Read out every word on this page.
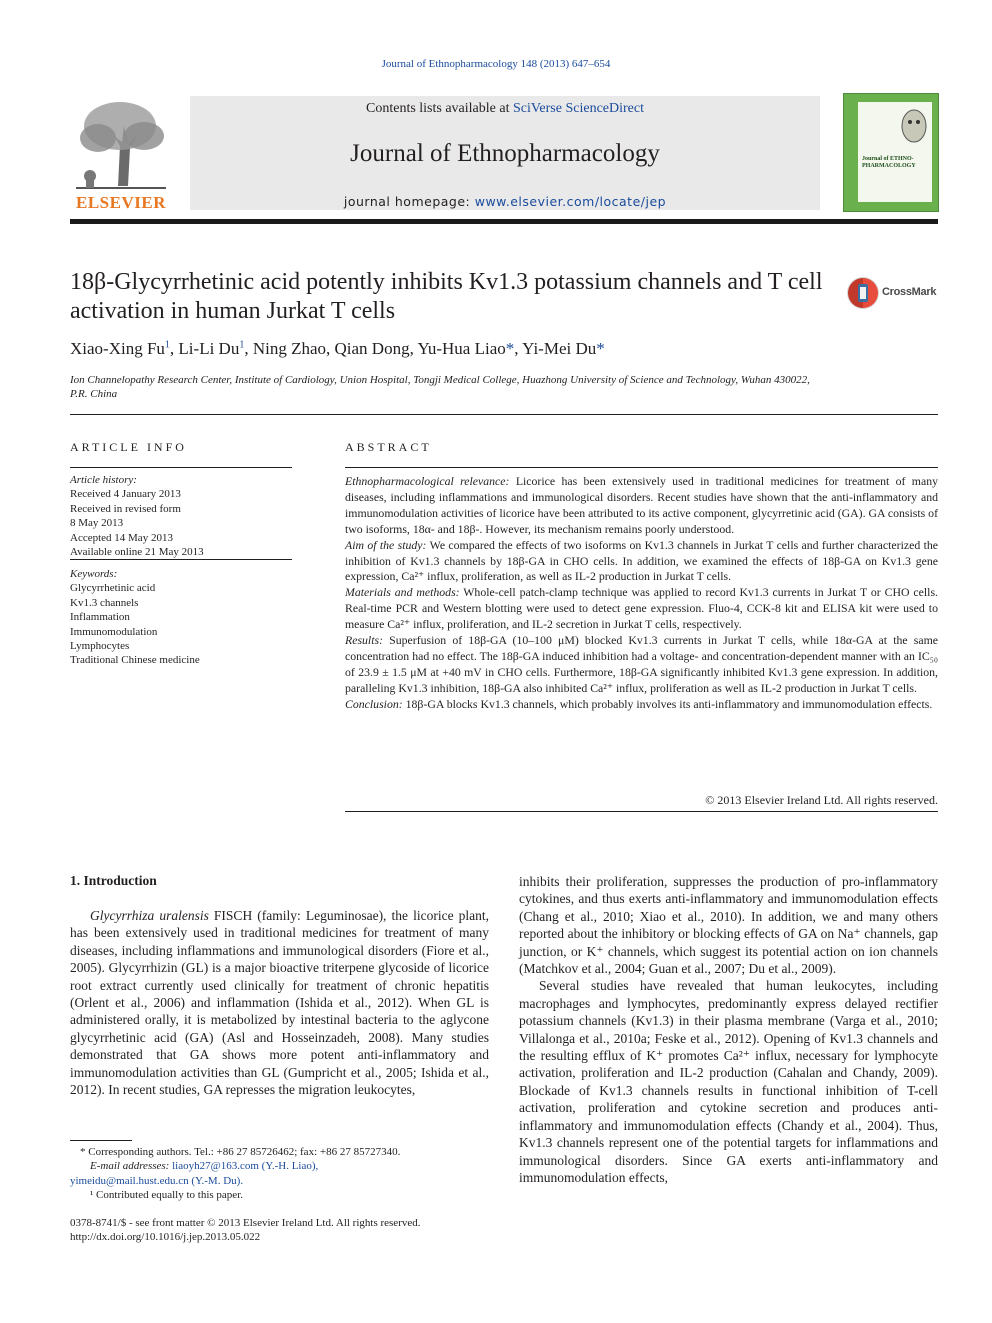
Journal of Ethnopharmacology 148 (2013) 647–654
ELSEVIER
Contents lists available at SciVerse ScienceDirect
Journal of Ethnopharmacology
journal homepage: www.elsevier.com/locate/jep
Journal of ETHNO-PHARMACOLOGY
18β-Glycyrrhetinic acid potently inhibits Kv1.3 potassium channels and T cell activation in human Jurkat T cells
CrossMark
Xiao-Xing Fu$^1$, Li-Li Du$^1$, Ning Zhao, Qian Dong, Yu-Hua Liao*, Yi-Mei Du*
Ion Channelopathy Research Center, Institute of Cardiology, Union Hospital, Tongji Medical College, Huazhong University of Science and Technology, Wuhan 430022, P.R. China
ARTICLE INFO	ABSTRACT
Article history:
Received 4 January 2013
Received in revised form
8 May 2013
Accepted 14 May 2013
Available online 21 May 2013
Keywords:
Glycyrrhetinic acid
Kv1.3 channels
Inflammation
Immunomodulation
Lymphocytes
Traditional Chinese medicine

Ethnopharmacological relevance: Licorice has been extensively used in traditional medicines for treatment of many diseases, including inflammations and immunological disorders. Recent studies have shown that the anti-inflammatory and immunomodulation activities of licorice have been attributed to its active component, glycyrretinic acid (GA). GA consists of two isoforms, 18α- and 18β-. However, its mechanism remains poorly understood.

Aim of the study: We compared the effects of two isoforms on Kv1.3 channels in Jurkat T cells and further characterized the inhibition of Kv1.3 channels by 18β-GA in CHO cells. In addition, we examined the effects of 18β-GA on Kv1.3 gene expression, Ca²⁺ influx, proliferation, as well as IL-2 production in Jurkat T cells.

Materials and methods: Whole-cell patch-clamp technique was applied to record Kv1.3 currents in Jurkat T or CHO cells. Real-time PCR and Western blotting were used to detect gene expression. Fluo-4, CCK-8 kit and ELISA kit were used to measure Ca²⁺ influx, proliferation, and IL-2 secretion in Jurkat T cells, respectively.

Results: Superfusion of 18β-GA (10–100 μM) blocked Kv1.3 currents in Jurkat T cells, while 18α-GA at the same concentration had no effect. The 18β-GA induced inhibition had a voltage- and concentration-dependent manner with an IC₅₀ of 23.9 ± 1.5 μM at +40 mV in CHO cells. Furthermore, 18β-GA significantly inhibited Kv1.3 gene expression. In addition, paralleling Kv1.3 inhibition, 18β-GA also inhibited Ca²⁺ influx, proliferation as well as IL-2 production in Jurkat T cells.

Conclusion: 18β-GA blocks Kv1.3 channels, which probably involves its anti-inflammatory and immunomodulation effects.

© 2013 Elsevier Ireland Ltd. All rights reserved.
1. Introduction

Glycyrrhiza uralensis FISCH (family: Leguminosae), the licorice plant, has been extensively used in traditional medicines for treatment of many diseases, including inflammations and immunological disorders (Fiore et al., 2005). Glycyrrhizin (GL) is a major bioactive triterpene glycoside of licorice root extract currently used clinically for treatment of chronic hepatitis (Orlent et al., 2006) and inflammation (Ishida et al., 2012). When GL is administered orally, it is metabolized by intestinal bacteria to the aglycone glycyrrhetinic acid (GA) (Asl and Hosseinzadeh, 2008). Many studies demonstrated that GA shows more potent anti-inflammatory and immunomodulation activities than GL (Gumpricht et al., 2005; Ishida et al., 2012). In recent studies, GA represses the migration leukocytes,

inhibits their proliferation, suppresses the production of pro-inflammatory cytokines, and thus exerts anti-inflammatory and immunomodulation effects (Chang et al., 2010; Xiao et al., 2010). In addition, we and many others reported about the inhibitory or blocking effects of GA on Na⁺ channels, gap junction, or K⁺ channels, which suggest its potential action on ion channels (Matchkov et al., 2004; Guan et al., 2007; Du et al., 2009).

Several studies have revealed that human leukocytes, including macrophages and lymphocytes, predominantly express delayed rectifier potassium channels (Kv1.3) in their plasma membrane (Varga et al., 2010; Villalonga et al., 2010a; Feske et al., 2012). Opening of Kv1.3 channels and the resulting efflux of K⁺ promotes Ca²⁺ influx, necessary for lymphocyte activation, proliferation and IL-2 production (Cahalan and Chandy, 2009). Blockade of Kv1.3 channels results in functional inhibition of T-cell activation, proliferation and cytokine secretion and produces anti-inflammatory and immunomodulation effects (Chandy et al., 2004). Thus, Kv1.3 channels represent one of the potential targets for inflammations and immunological disorders. Since GA exerts anti-inflammatory and immunomodulation effects,

* Corresponding authors. Tel.: +86 27 85726462; fax: +86 27 85727340.
E-mail addresses: liaoyh27@163.com (Y.-H. Liao),
yimeidu@mail.hust.edu.cn (Y.-M. Du).
¹ Contributed equally to this paper.
0378-8741/$ - see front matter © 2013 Elsevier Ireland Ltd. All rights reserved.
http://dx.doi.org/10.1016/j.jep.2013.05.022
